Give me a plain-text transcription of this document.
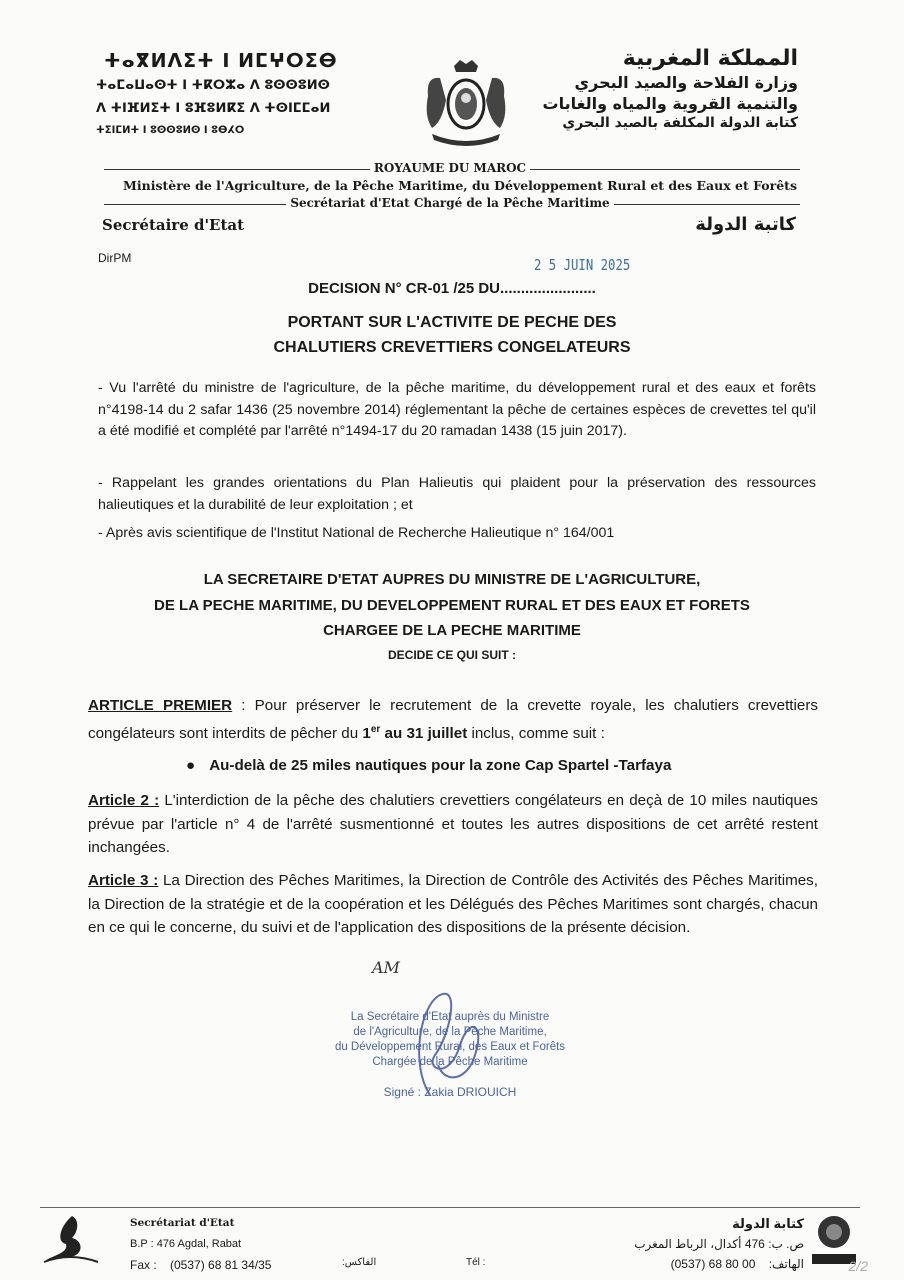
ⵜⴰⴳⵍⴷⵉⵜ ⵏ ⵍⵎⵖⵔⵉⴱ
ⵜⴰⵎⴰⵡⴰⵙⵜ ⵏ ⵜⴽⵔⵣⴰ ⴷ ⵓⵙⵙⵓⵍⵙ
ⴷ ⵜⵏⴼⵍⵉⵜ ⵏ ⵓⴼⵓⵍⴽⵉ ⴷ ⵜⵙⵏⵎⵎⴰⵍ
ⵜⵉⵏⵎⵍⵜ ⵏ ⵓⵙⵙⵓⵍⵙ ⵏ ⵓⴱⵃⵔ
المملكة المغربية
وزارة الفلاحة والصيد البحري
والتنمية القروية والمياه والغابات
كتابة الدولة المكلفة بالصيد البحري
ROYAUME DU MAROC
Ministère de l'Agriculture, de la Pêche Maritime, du Développement Rural et des Eaux et Forêts
Secrétariat d'Etat Chargé de la Pêche Maritime
Secrétaire d'Etat	كاتبة الدولة
DirPM	2 5 JUIN 2025
DECISION N° CR-01 /25 DU.......................
PORTANT SUR L'ACTIVITE DE PECHE DES
CHALUTIERS CREVETTIERS CONGELATEURS
- Vu l'arrêté du ministre de l'agriculture, de la pêche maritime, du développement rural et des eaux et forêts n°4198-14 du 2 safar 1436 (25 novembre 2014) réglementant la pêche de certaines espèces de crevettes tel qu'il a été modifié et complété par l'arrêté n°1494-17 du 20 ramadan 1438 (15 juin 2017).
- Rappelant les grandes orientations du Plan Halieutis qui plaident pour la préservation des ressources halieutiques et la durabilité de leur exploitation ; et
- Après avis scientifique de l'Institut National de Recherche Halieutique n° 164/001
LA SECRETAIRE D'ETAT AUPRES DU MINISTRE DE L'AGRICULTURE,
DE LA PECHE MARITIME, DU DEVELOPPEMENT RURAL ET DES EAUX ET FORETS
CHARGEE DE LA PECHE MARITIME
DECIDE CE QUI SUIT :
ARTICLE PREMIER : Pour préserver le recrutement de la crevette royale, les chalutiers crevettiers congélateurs sont interdits de pêcher du 1er au 31 juillet inclus, comme suit :
● Au-delà de 25 miles nautiques pour la zone Cap Spartel -Tarfaya
Article 2 : L'interdiction de la pêche des chalutiers crevettiers congélateurs en deçà de 10 miles nautiques prévue par l'article n° 4 de l'arrêté susmentionné et toutes les autres dispositions de cet arrêté restent inchangées.
Article 3 : La Direction des Pêches Maritimes, la Direction de Contrôle des Activités des Pêches Maritimes, la Direction de la stratégie et de la coopération et les Délégués des Pêches Maritimes sont chargés, chacun en ce qui le concerne, du suivi et de l'application des dispositions de la présente décision.
AM
La Secrétaire d'Etat auprès du Ministre
de l'Agriculture, de la Pêche Maritime,
du Développement Rural, des Eaux et Forêts
Chargée de la Pêche Maritime
Signé : Zakia DRIOUICH
Secrétariat d'Etat
B.P : 476 Agdal, Rabat
Fax : (0537) 68 81 34/35	الفاكس:	Tél :
كتابة الدولة
ص. ب: 476 أكدال، الرباط المغرب
الهاتف:    (0537) 68 80 00	2/2
